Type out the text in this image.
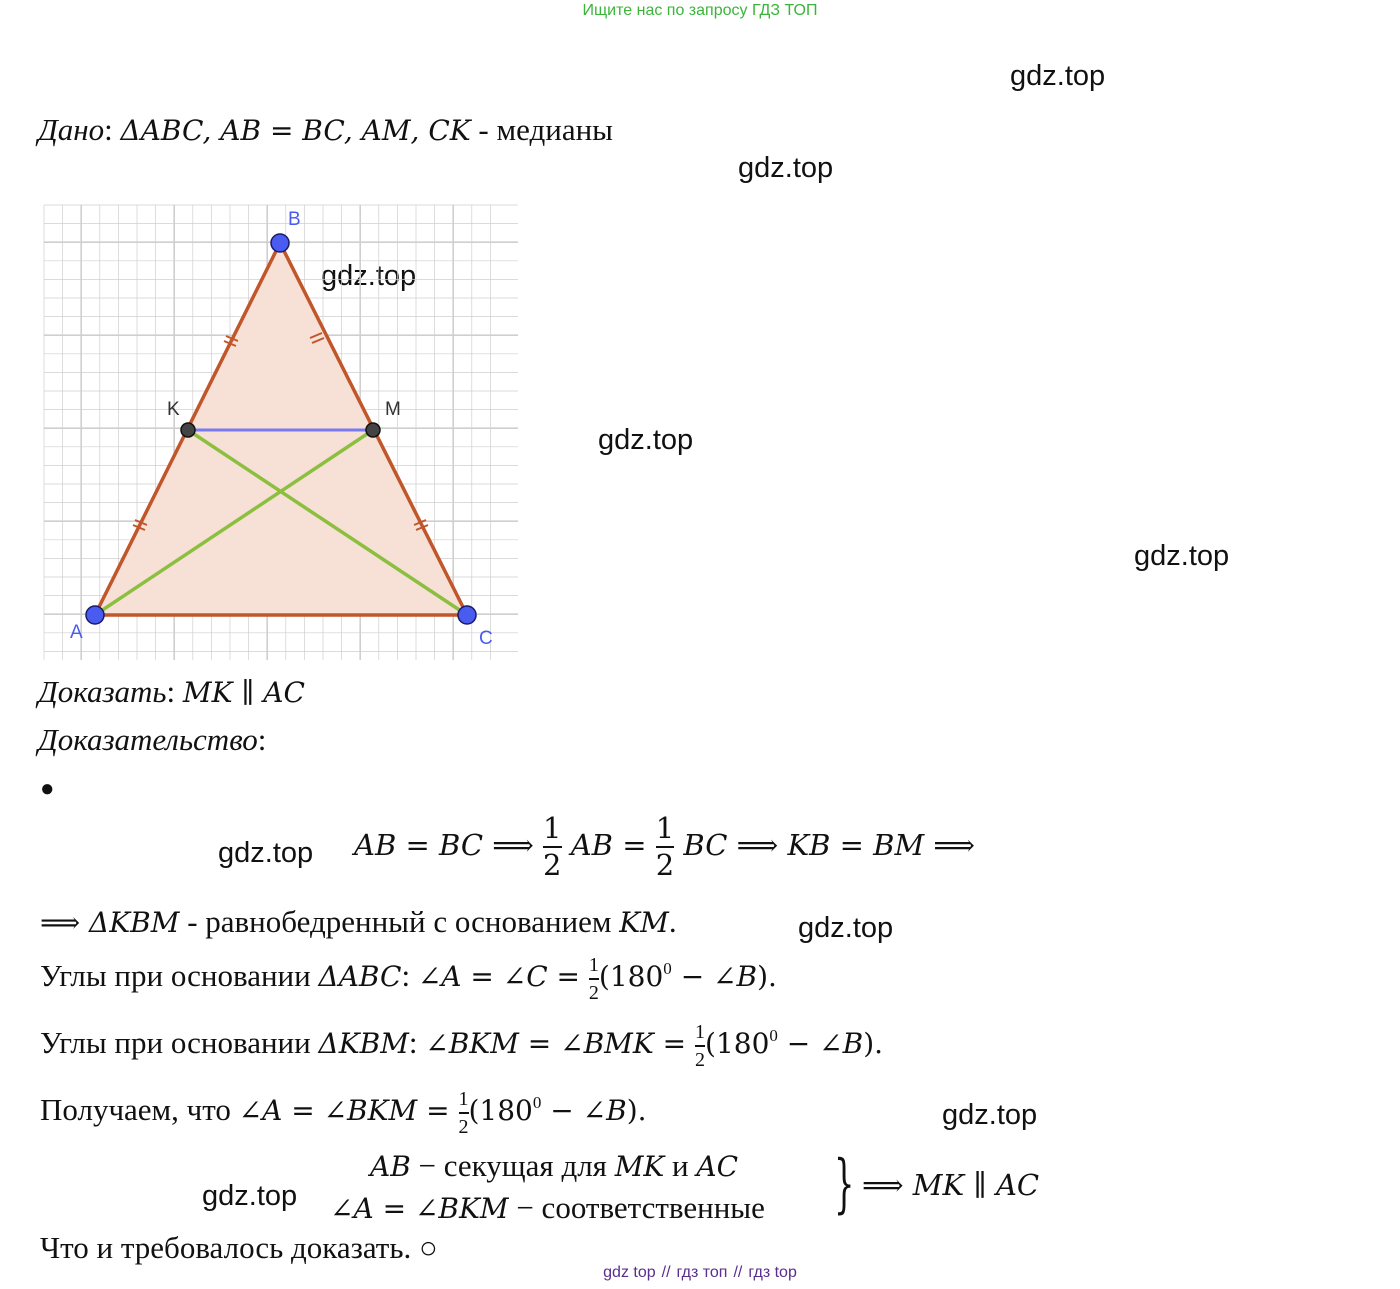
Ищите нас по запросу ГДЗ ТОП
gdz.top
gdz.top
gdz.top
gdz.top
gdz.top
gdz.top
gdz.top
gdz.top
gdz.top
Дано: ΔABC, AB = BC, AM, CK - медианы
A
B
C
K	M
Доказать: MK ∥ AC
Доказательство:
●
AB = BC ⟹ $\frac{1}{2}$ AB = $\frac{1}{2}$ BC ⟹ KB = BM ⟹
⟹ ΔKBM - равнобедренный с основанием KM.
Углы при основании ΔABC: ∠A = ∠C = $\frac{1}{2} (180^0$ − ∠B).
Углы при основании ΔKBM: ∠BKM = ∠BMK = $\frac{1}{2} (180^0$ − ∠B).
Получаем, что ∠A = ∠BKM = $\frac{1}{2} (180^0$ − ∠B).
AB − секущая для MK и AC
∠A = ∠BKM − соответственные } ⟹ MK ∥ AC
Что и требовалось доказать. ○
gdz top // гдз топ // гдз top
